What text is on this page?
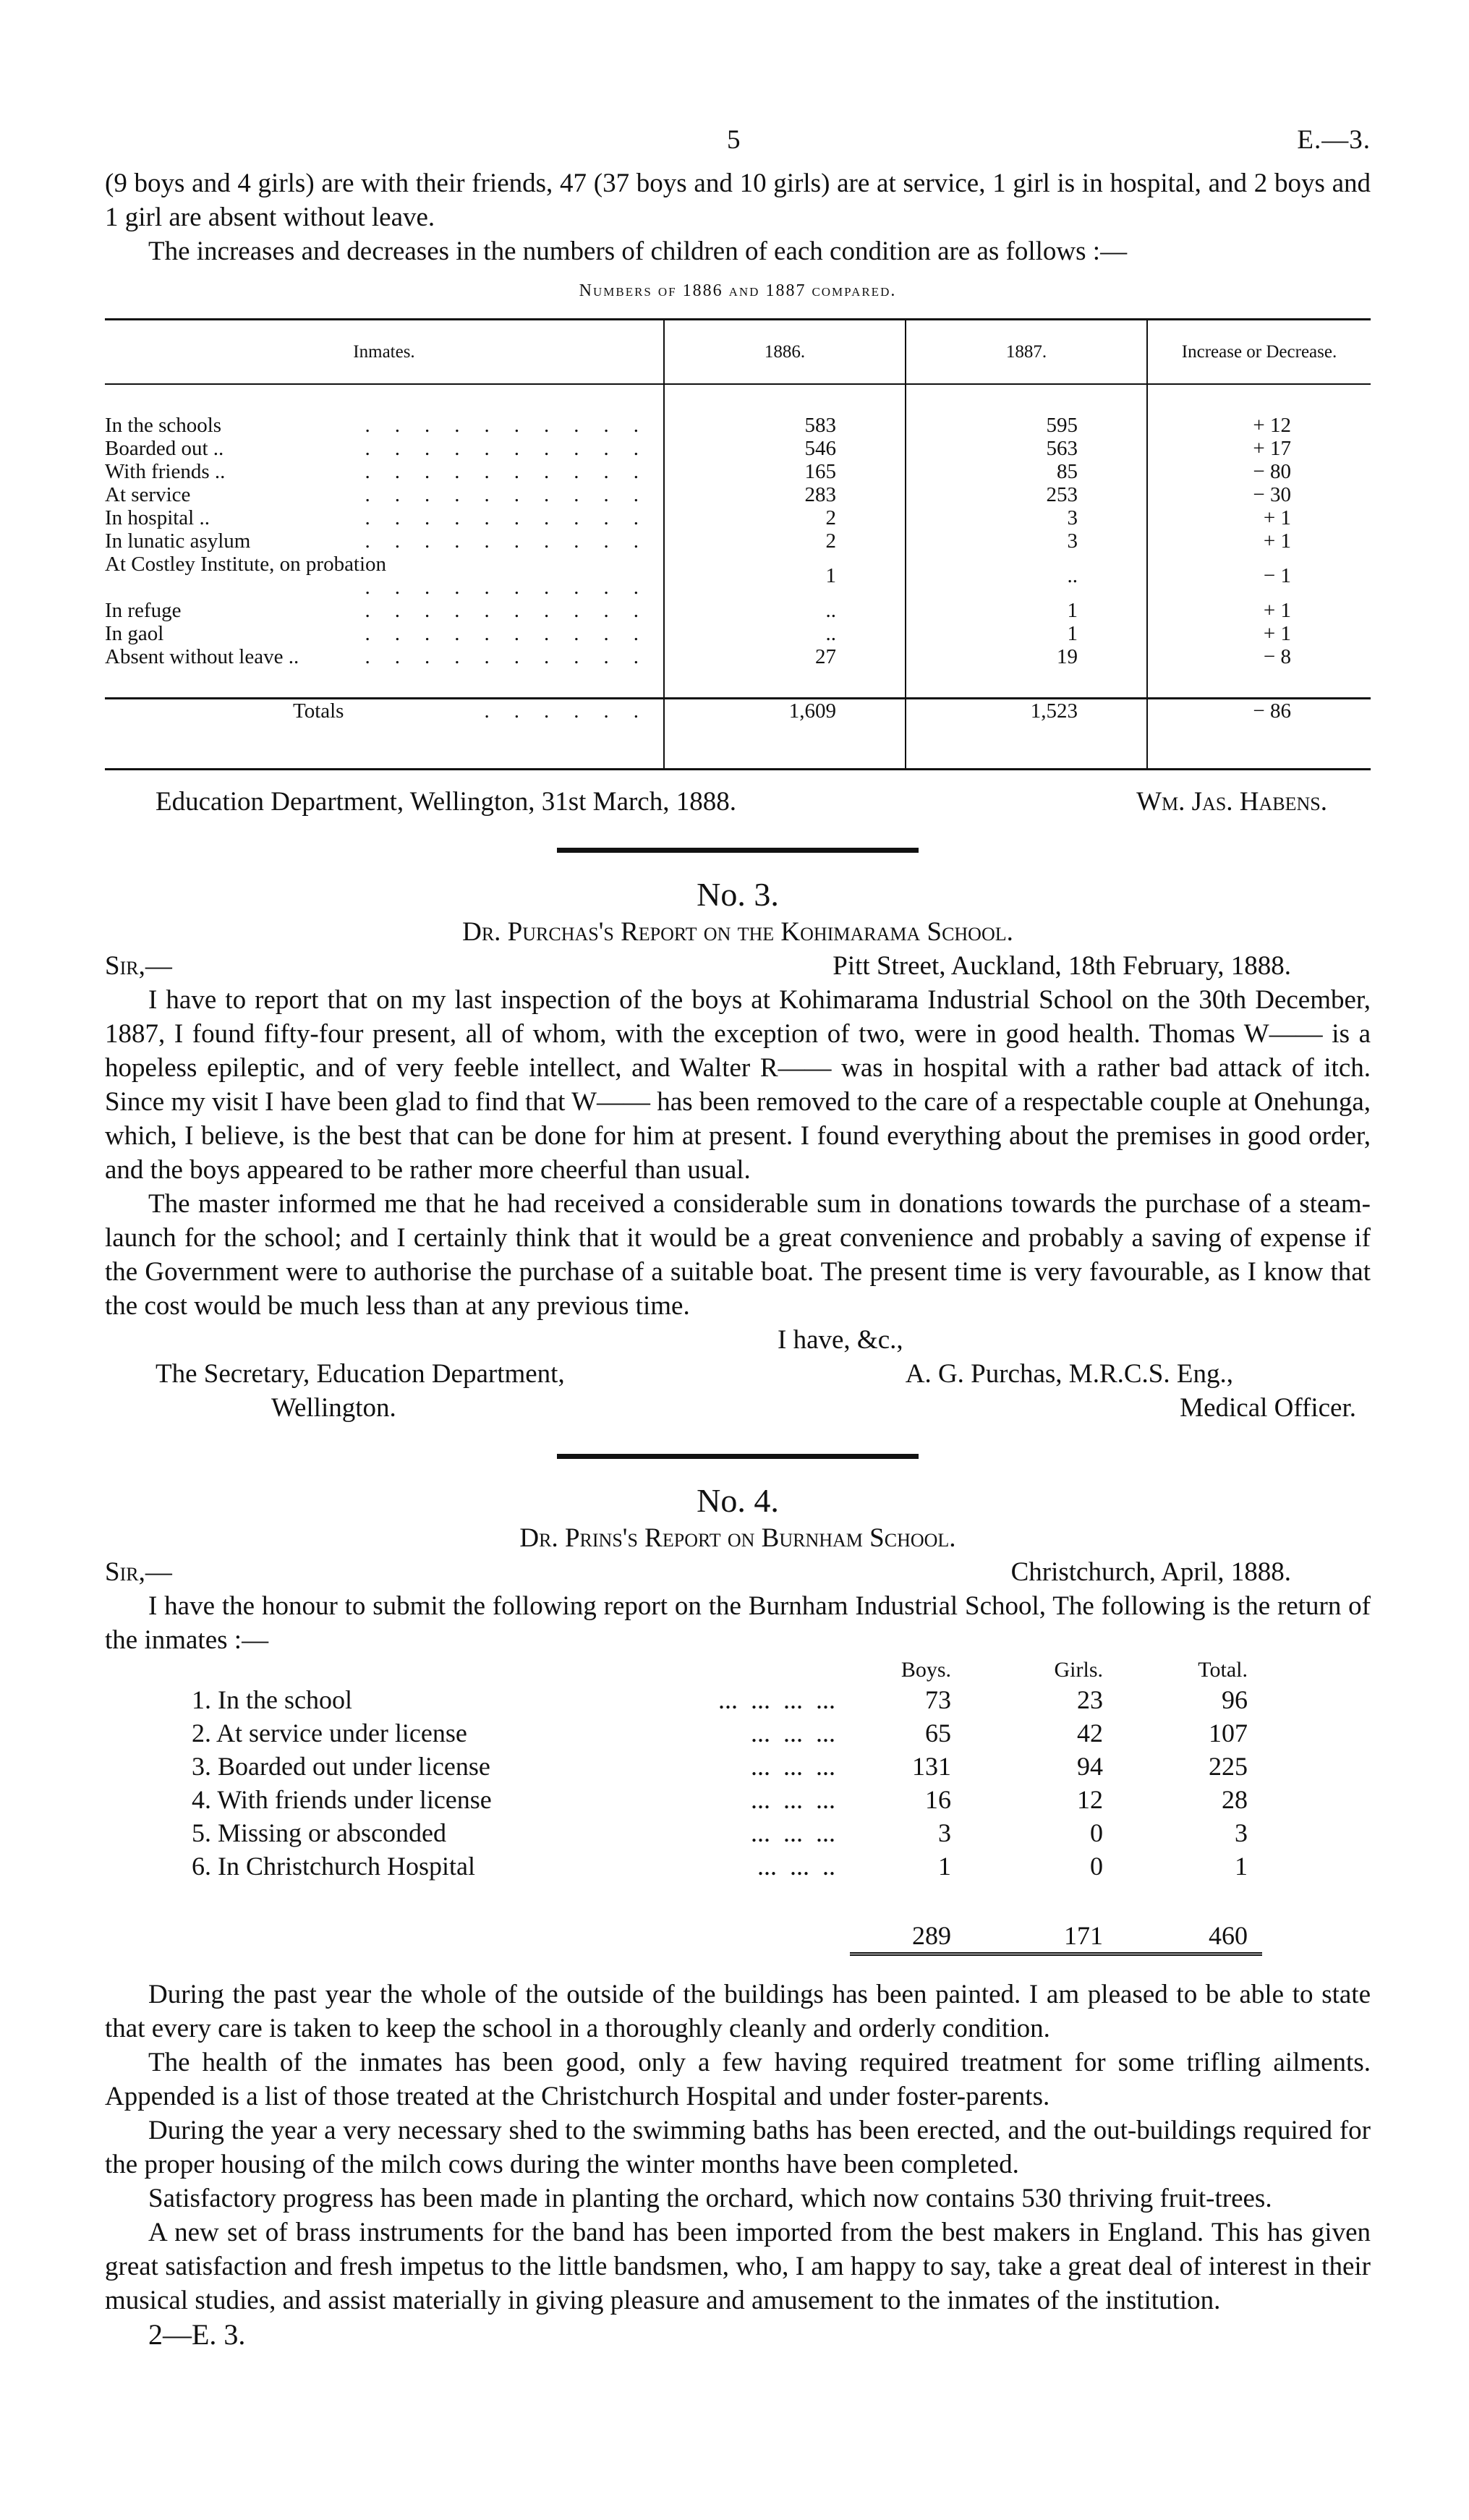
5	E.—3.

(9 boys and 4 girls) are with their friends, 47 (37 boys and 10 girls) are at service, 1 girl is in hospital, and 2 boys and 1 girl are absent without leave.

The increases and decreases in the numbers of children of each condition are as follows :—

Numbers of 1886 and 1887 compared.
Inmates.	1886.	1887.	Increase or Decrease.

In the schools ..........	583	595	+ 12
Boarded out .. ..........	546	563	+ 17
With friends .. ..........	165	85	− 80
At service ..........	283	253	− 30
In hospital .. ..........	2	3	+ 1
In lunatic asylum ..........	2	3	+ 1
At Costley Institute, on probation
..........	1	..	− 1
In refuge ..........	..	1	+ 1
In gaol ..........	..	1	+ 1
Absent without leave .. ..........	27	19	− 8

Totals ......	1,609	1,523	− 86
Education Department, Wellington, 31st March, 1888.	Wm. Jas. Habens.
No. 3.
Dr. Purchas's Report on the Kohimarama School.
Sir,—	Pitt Street, Auckland, 18th February, 1888.

I have to report that on my last inspection of the boys at Kohimarama Industrial School on the 30th December, 1887, I found fifty-four present, all of whom, with the exception of two, were in good health. Thomas W—— is a hopeless epileptic, and of very feeble intellect, and Walter R—— was in hospital with a rather bad attack of itch. Since my visit I have been glad to find that W—— has been removed to the care of a respectable couple at Onehunga, which, I believe, is the best that can be done for him at present. I found everything about the premises in good order, and the boys appeared to be rather more cheerful than usual.

The master informed me that he had received a considerable sum in donations towards the purchase of a steam-launch for the school; and I certainly think that it would be a great convenience and probably a saving of expense if the Government were to authorise the purchase of a suitable boat. The present time is very favourable, as I know that the cost would be much less than at any previous time.

I have, &c.,
The Secretary, Education Department,	A. G. Purchas, M.R.C.S. Eng.,
Wellington.	Medical Officer.
No. 4.
Dr. Prins's Report on Burnham School.
Sir,—	Christchurch, April, 1888.

I have the honour to submit the following report on the Burnham Industrial School, The following is the return of the inmates :—

Boys.	Girls.	Total.
1. In the school	...  ...  ...  ...	73	23	96
2. At service under license	...  ...  ...	65	42	107
3. Boarded out under license	...  ...  ...	131	94	225
4. With friends under license	...  ...  ...	16	12	28
5. Missing or absconded	...  ...  ...	3	0	3
6. In Christchurch Hospital	...  ...  ..	1	0	1
289	171	460

During the past year the whole of the outside of the buildings has been painted. I am pleased to be able to state that every care is taken to keep the school in a thoroughly cleanly and orderly condition.

The health of the inmates has been good, only a few having required treatment for some trifling ailments. Appended is a list of those treated at the Christchurch Hospital and under foster-parents.

During the year a very necessary shed to the swimming baths has been erected, and the out-buildings required for the proper housing of the milch cows during the winter months have been completed.

Satisfactory progress has been made in planting the orchard, which now contains 530 thriving fruit-trees.

A new set of brass instruments for the band has been imported from the best makers in England. This has given great satisfaction and fresh impetus to the little bandsmen, who, I am happy to say, take a great deal of interest in their musical studies, and assist materially in giving pleasure and amusement to the inmates of the institution.

2—E. 3.
